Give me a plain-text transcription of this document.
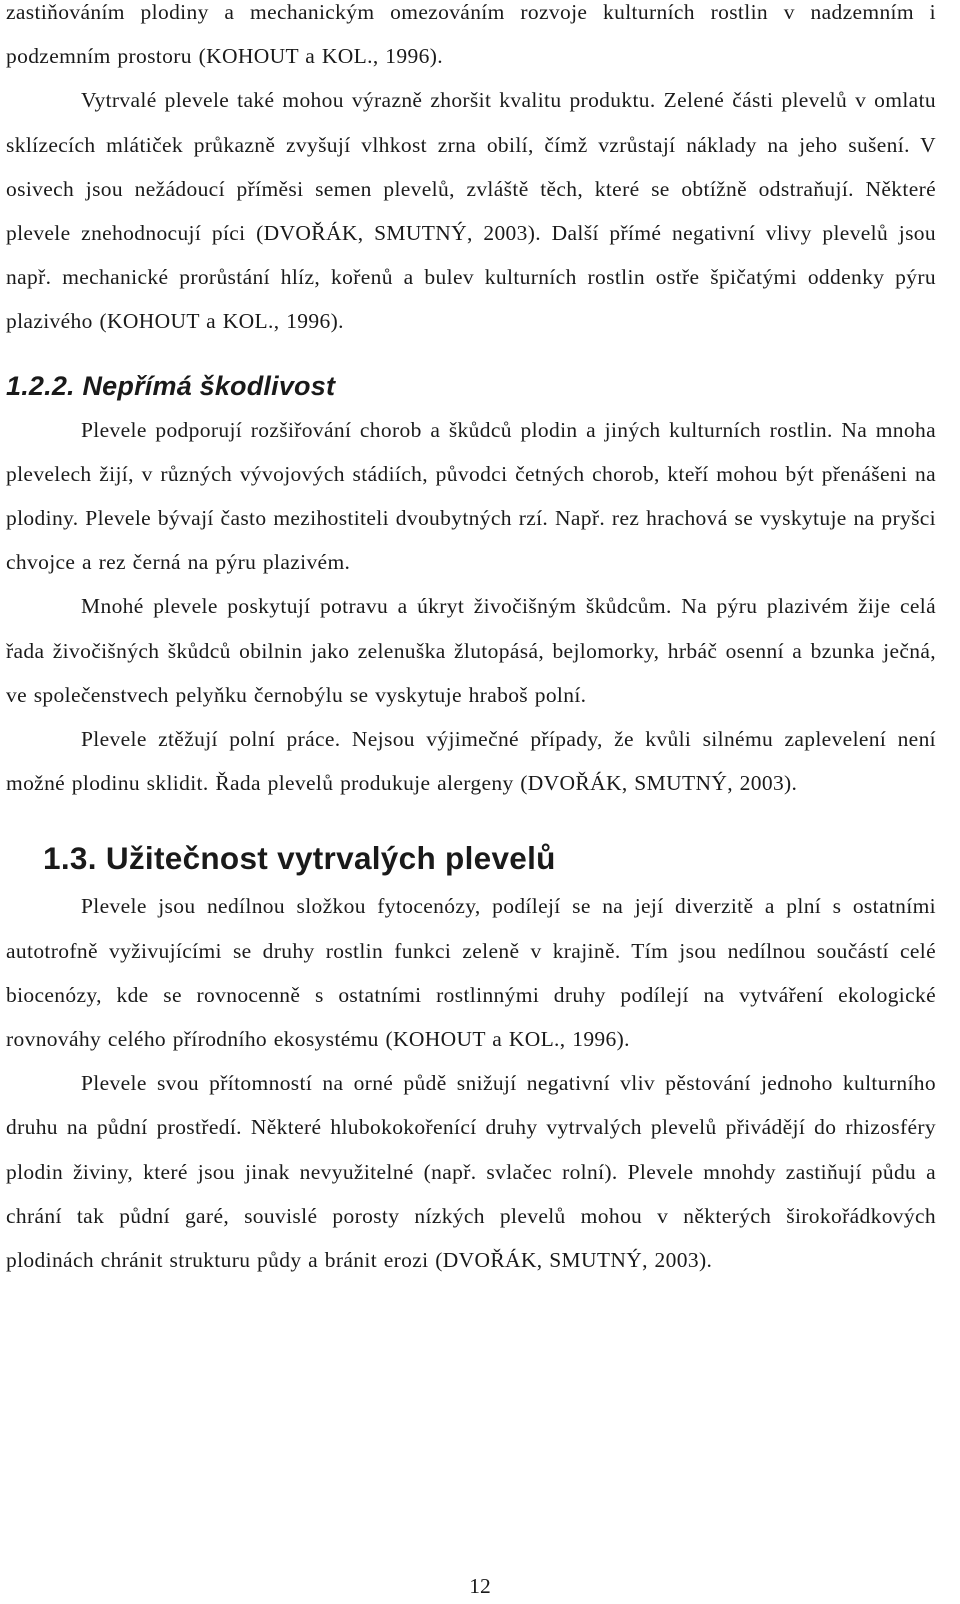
zastiňováním plodiny a mechanickým omezováním rozvoje kulturních rostlin v nadzemním i podzemním prostoru (KOHOUT a KOL., 1996).

Vytrvalé plevele také mohou výrazně zhoršit kvalitu produktu. Zelené části plevelů v omlatu sklízecích mlátiček průkazně zvyšují vlhkost zrna obilí, čímž vzrůstají náklady na jeho sušení. V osivech jsou nežádoucí příměsi semen plevelů, zvláště těch, které se obtížně odstraňují. Některé plevele znehodnocují píci (DVOŘÁK, SMUTNÝ, 2003). Další přímé negativní vlivy plevelů jsou např. mechanické prorůstání hlíz, kořenů a bulev kulturních rostlin ostře špičatými oddenky pýru plazivého (KOHOUT a KOL., 1996).

1.2.2. Nepřímá škodlivost

Plevele podporují rozšiřování chorob a škůdců plodin a jiných kulturních rostlin. Na mnoha plevelech žijí, v různých vývojových stádiích, původci četných chorob, kteří mohou být přenášeni na plodiny. Plevele bývají často mezihostiteli dvoubytných rzí. Např. rez hrachová se vyskytuje na pryšci chvojce a rez černá na pýru plazivém.

Mnohé plevele poskytují potravu a úkryt živočišným škůdcům. Na pýru plazivém žije celá řada živočišných škůdců obilnin jako zelenuška žlutopásá, bejlomorky, hrbáč osenní a bzunka ječná, ve společenstvech pelyňku černobýlu se vyskytuje hraboš polní.

Plevele ztěžují polní práce. Nejsou výjimečné případy, že kvůli silnému zaplevelení není možné plodinu sklidit. Řada plevelů produkuje alergeny (DVOŘÁK, SMUTNÝ, 2003).

1.3. Užitečnost vytrvalých plevelů

Plevele jsou nedílnou složkou fytocenózy, podílejí se na její diverzitě a plní s ostatními autotrofně vyživujícími se druhy rostlin funkci zeleně v krajině. Tím jsou nedílnou součástí celé biocenózy, kde se rovnocenně s ostatními rostlinnými druhy podílejí na vytváření ekologické rovnováhy celého přírodního ekosystému (KOHOUT a KOL., 1996).

Plevele svou přítomností na orné půdě snižují negativní vliv pěstování jednoho kulturního druhu na půdní prostředí. Některé hlubokokořenící druhy vytrvalých plevelů přivádějí do rhizosféry plodin živiny, které jsou jinak nevyužitelné (např. svlačec rolní). Plevele mnohdy zastiňují půdu a chrání tak půdní garé, souvislé porosty nízkých plevelů mohou v některých širokořádkových plodinách chránit strukturu půdy a bránit erozi (DVOŘÁK, SMUTNÝ, 2003).

12
